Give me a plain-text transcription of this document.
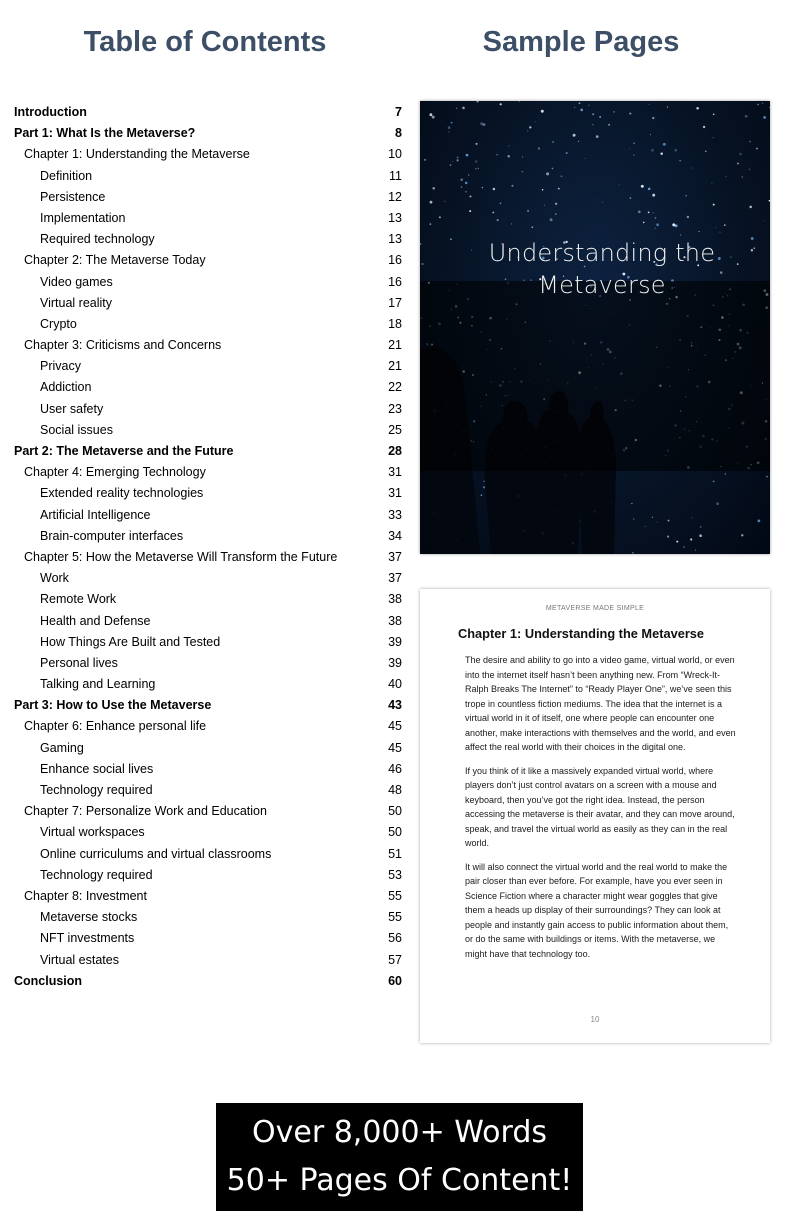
Table of Contents	Sample Pages
Introduction	7
Part 1: What Is the Metaverse?	8
Chapter 1: Understanding the Metaverse	10
Definition	11
Persistence	12
Implementation	13
Required technology	13
Chapter 2: The Metaverse Today	16
Video games	16
Virtual reality	17
Crypto	18
Chapter 3: Criticisms and Concerns	21
Privacy	21
Addiction	22
User safety	23
Social issues	25
Part 2: The Metaverse and the Future	28
Chapter 4: Emerging Technology	31
Extended reality technologies	31
Artificial Intelligence	33
Brain-computer interfaces	34
Chapter 5: How the Metaverse Will Transform the Future	37
Work	37
Remote Work	38
Health and Defense	38
How Things Are Built and Tested	39
Personal lives	39
Talking and Learning	40
Part 3: How to Use the Metaverse	43
Chapter 6: Enhance personal life	45
Gaming	45
Enhance social lives	46
Technology required	48
Chapter 7: Personalize Work and Education	50
Virtual workspaces	50
Online curriculums and virtual classrooms	51
Technology required	53
Chapter 8: Investment	55
Metaverse stocks	55
NFT investments	56
Virtual estates	57
Conclusion	60
Understanding the
Metaverse
METAVERSE MADE SIMPLE
Chapter 1: Understanding the Metaverse

The desire and ability to go into a video game, virtual world, or even into the internet itself hasn’t been anything new. From “Wreck-It-Ralph Breaks The Internet” to “Ready Player One”, we’ve seen this trope in countless fiction mediums. The idea that the internet is a virtual world in it of itself, one where people can encounter one another, make interactions with themselves and the world, and even affect the real world with their choices in the digital one.

If you think of it like a massively expanded virtual world, where players don’t just control avatars on a screen with a mouse and keyboard, then you’ve got the right idea. Instead, the person accessing the metaverse is their avatar, and they can move around, speak, and travel the virtual world as easily as they can in the real world.

It will also connect the virtual world and the real world to make the pair closer than ever before. For example, have you ever seen in Science Fiction where a character might wear goggles that give them a heads up display of their surroundings? They can look at people and instantly gain access to public information about them, or do the same with buildings or items. With the metaverse, we might have that technology too.

10
Over 8,000+ Words
50+ Pages Of Content!
